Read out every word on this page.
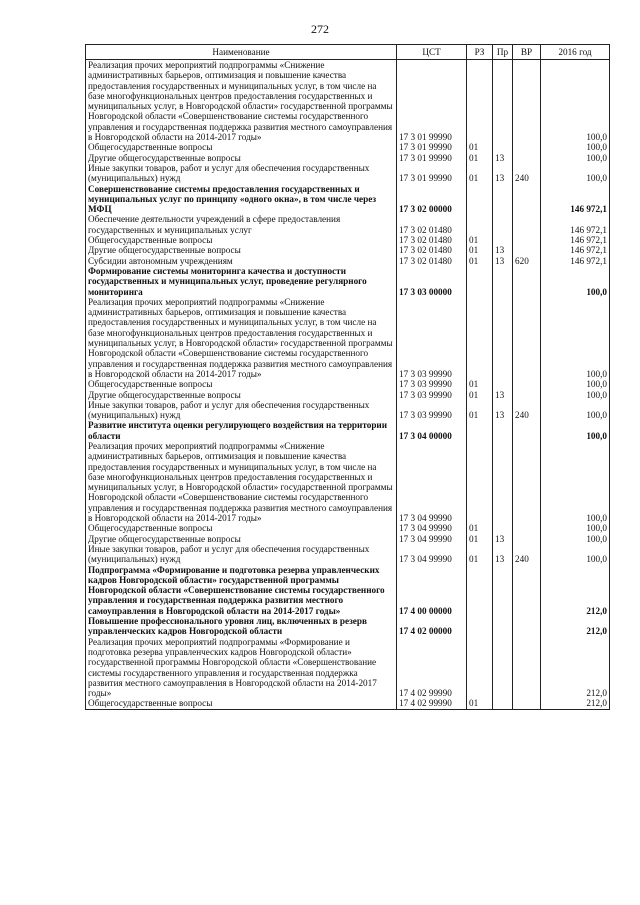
272
Наименование	ЦСТ	РЗ	Пр	ВР	2016 год
Реализация прочих мероприятий подпрограммы «Снижение административных барьеров, оптимизация и повышение качества предоставления государственных и муниципальных услуг, в том числе на базе многофункциональных центров предоставления государственных и муниципальных услуг, в Новгородской области» государственной программы Новгородской области «Совершенствование системы государственного управления и государственная поддержка развития местного самоуправления в Новгородской области на 2014-2017 годы»	17 3 01 99990				100,0
Общегосударственные вопросы	17 3 01 99990	01			100,0
Другие общегосударственные вопросы	17 3 01 99990	01	13		100,0
Иные закупки товаров, работ и услуг для обеспечения государственных (муниципальных) нужд	17 3 01 99990	01	13	240	100,0
Совершенствование системы предоставления государственных и муниципальных услуг по принципу «одного окна», в том числе через МФЦ	17 3 02 00000				146 972,1
Обеспечение деятельности учреждений в сфере предоставления государственных и муниципальных услуг	17 3 02 01480				146 972,1
Общегосударственные вопросы	17 3 02 01480	01			146 972,1
Другие общегосударственные вопросы	17 3 02 01480	01	13		146 972,1
Субсидии автономным учреждениям	17 3 02 01480	01	13	620	146 972,1
Формирование системы мониторинга качества и доступности государственных и муниципальных услуг, проведение регулярного мониторинга	17 3 03 00000				100,0
Реализация прочих мероприятий подпрограммы «Снижение административных барьеров, оптимизация и повышение качества предоставления государственных и муниципальных услуг, в том числе на базе многофункциональных центров предоставления государственных и муниципальных услуг, в Новгородской области» государственной программы Новгородской области «Совершенствование системы государственного управления и государственная поддержка развития местного самоуправления в Новгородской области на 2014-2017 годы»	17 3 03 99990				100,0
Общегосударственные вопросы	17 3 03 99990	01			100,0
Другие общегосударственные вопросы	17 3 03 99990	01	13		100,0
Иные закупки товаров, работ и услуг для обеспечения государственных (муниципальных) нужд	17 3 03 99990	01	13	240	100,0
Развитие института оценки регулирующего воздействия на территории области	17 3 04 00000				100,0
Реализация прочих мероприятий подпрограммы «Снижение административных барьеров, оптимизация и повышение качества предоставления государственных и муниципальных услуг, в том числе на базе многофункциональных центров предоставления государственных и муниципальных услуг, в Новгородской области» государственной программы Новгородской области «Совершенствование системы государственного управления и государственная поддержка развития местного самоуправления в Новгородской области на 2014-2017 годы»	17 3 04 99990				100,0
Общегосударственные вопросы	17 3 04 99990	01			100,0
Другие общегосударственные вопросы	17 3 04 99990	01	13		100,0
Иные закупки товаров, работ и услуг для обеспечения государственных (муниципальных) нужд	17 3 04 99990	01	13	240	100,0
Подпрограмма «Формирование и подготовка резерва управленческих кадров Новгородской области» государственной программы Новгородской области «Совершенствование системы государственного управления и государственная поддержка развития местного самоуправления в Новгородской области на 2014-2017 годы»	17 4 00 00000				212,0
Повышение профессионального уровня лиц, включенных в резерв управленческих кадров Новгородской области	17 4 02 00000				212,0
Реализация прочих мероприятий подпрограммы «Формирование и подготовка резерва управленческих кадров Новгородской области» государственной программы Новгородской области «Совершенствование системы государственного управления и государственная поддержка развития местного самоуправления в Новгородской области на 2014-2017 годы»	17 4 02 99990				212,0
Общегосударственные вопросы	17 4 02 99990	01			212,0
